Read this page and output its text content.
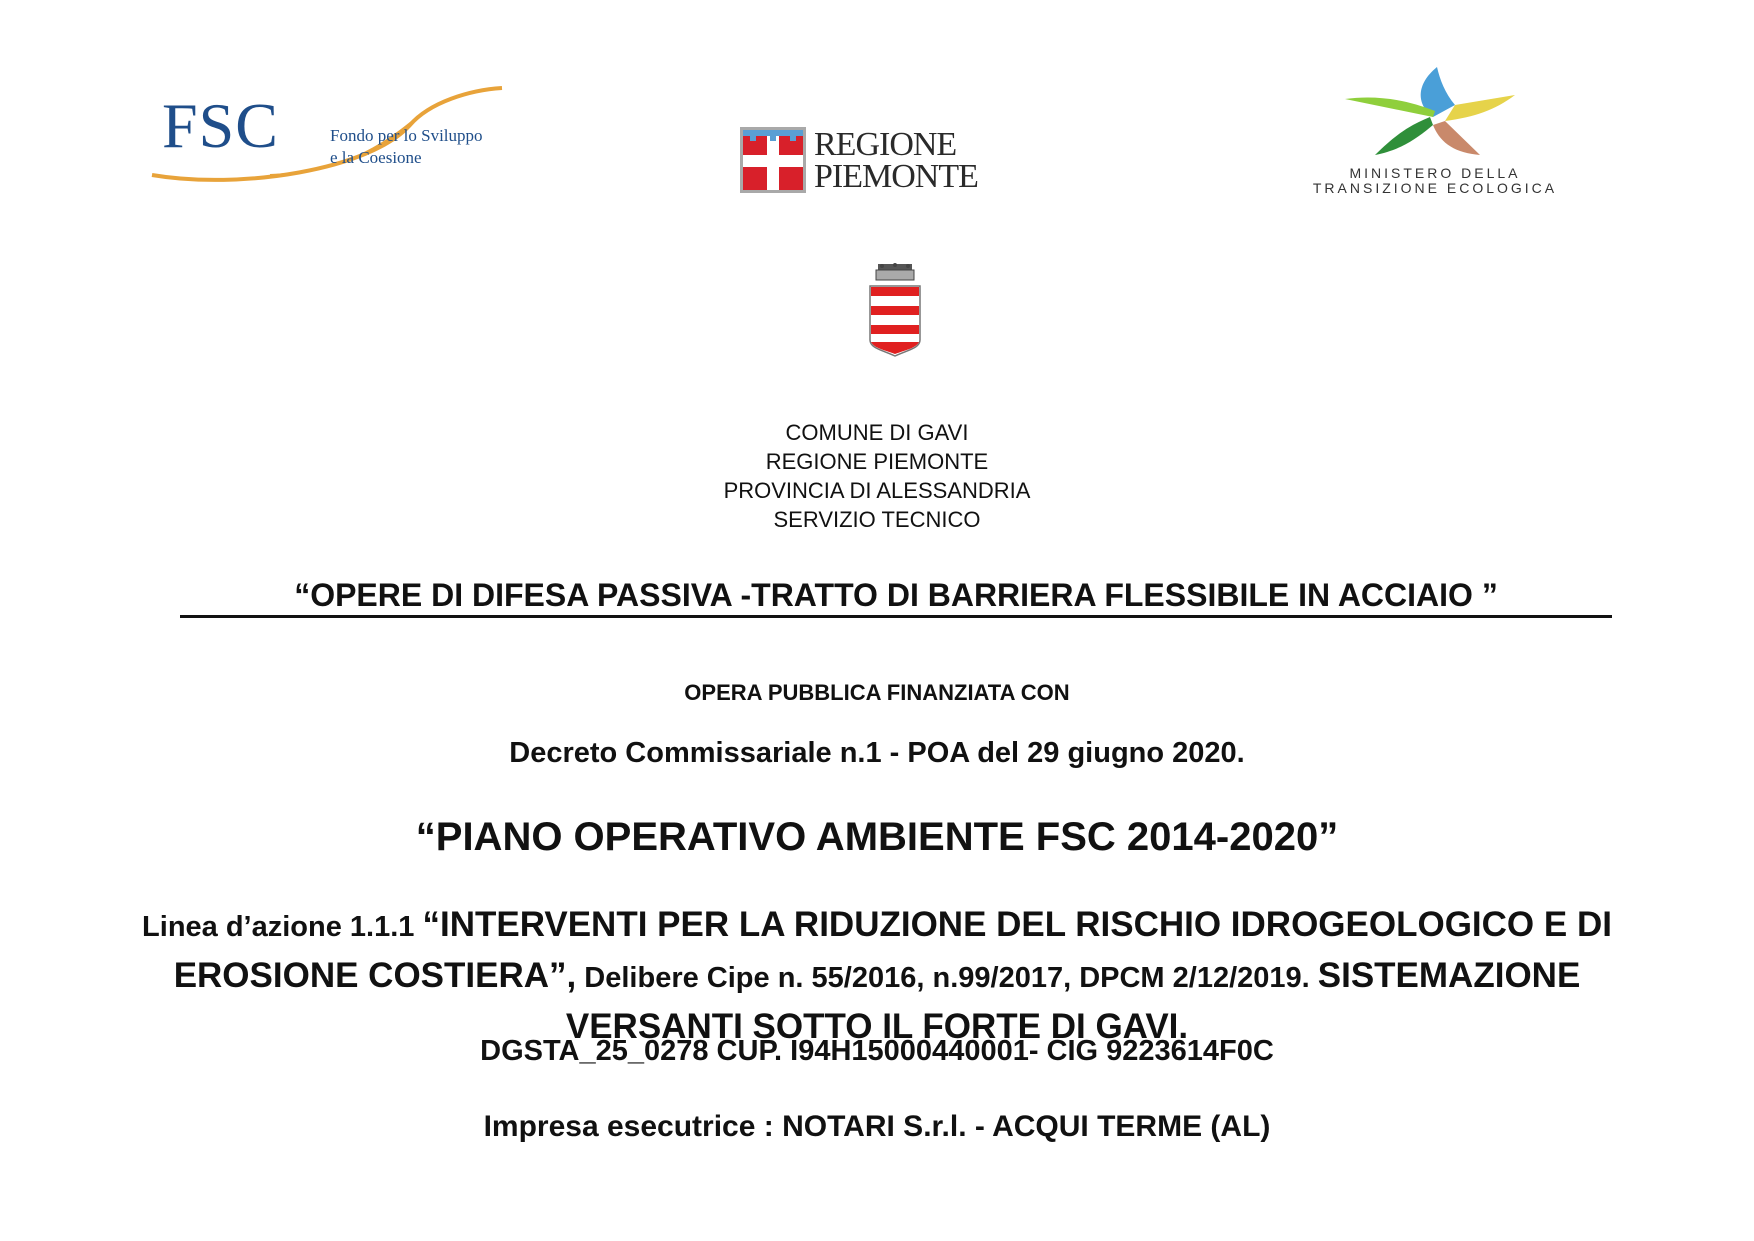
FSC	Fondo per lo Sviluppo
e la Coesione	REGIONE
PIEMONTE	MINISTERO DELLA
TRANSIZIONE ECOLOGICA
COMUNE DI GAVI
REGIONE PIEMONTE
PROVINCIA DI ALESSANDRIA
SERVIZIO TECNICO
“OPERE DI DIFESA PASSIVA -TRATTO DI BARRIERA FLESSIBILE IN ACCIAIO ”
OPERA PUBBLICA FINANZIATA CON
Decreto Commissariale n.1 - POA del 29 giugno 2020.
“PIANO OPERATIVO AMBIENTE FSC 2014-2020”
Linea d’azione 1.1.1 “INTERVENTI PER LA RIDUZIONE DEL RISCHIO IDROGEOLOGICO E DI EROSIONE COSTIERA”, Delibere Cipe n. 55/2016, n.99/2017, DPCM 2/12/2019. SISTEMAZIONE VERSANTI SOTTO IL FORTE DI GAVI.
DGSTA_25_0278 CUP. I94H15000440001- CIG 9223614F0C
Impresa esecutrice : NOTARI S.r.l. - ACQUI TERME (AL)
